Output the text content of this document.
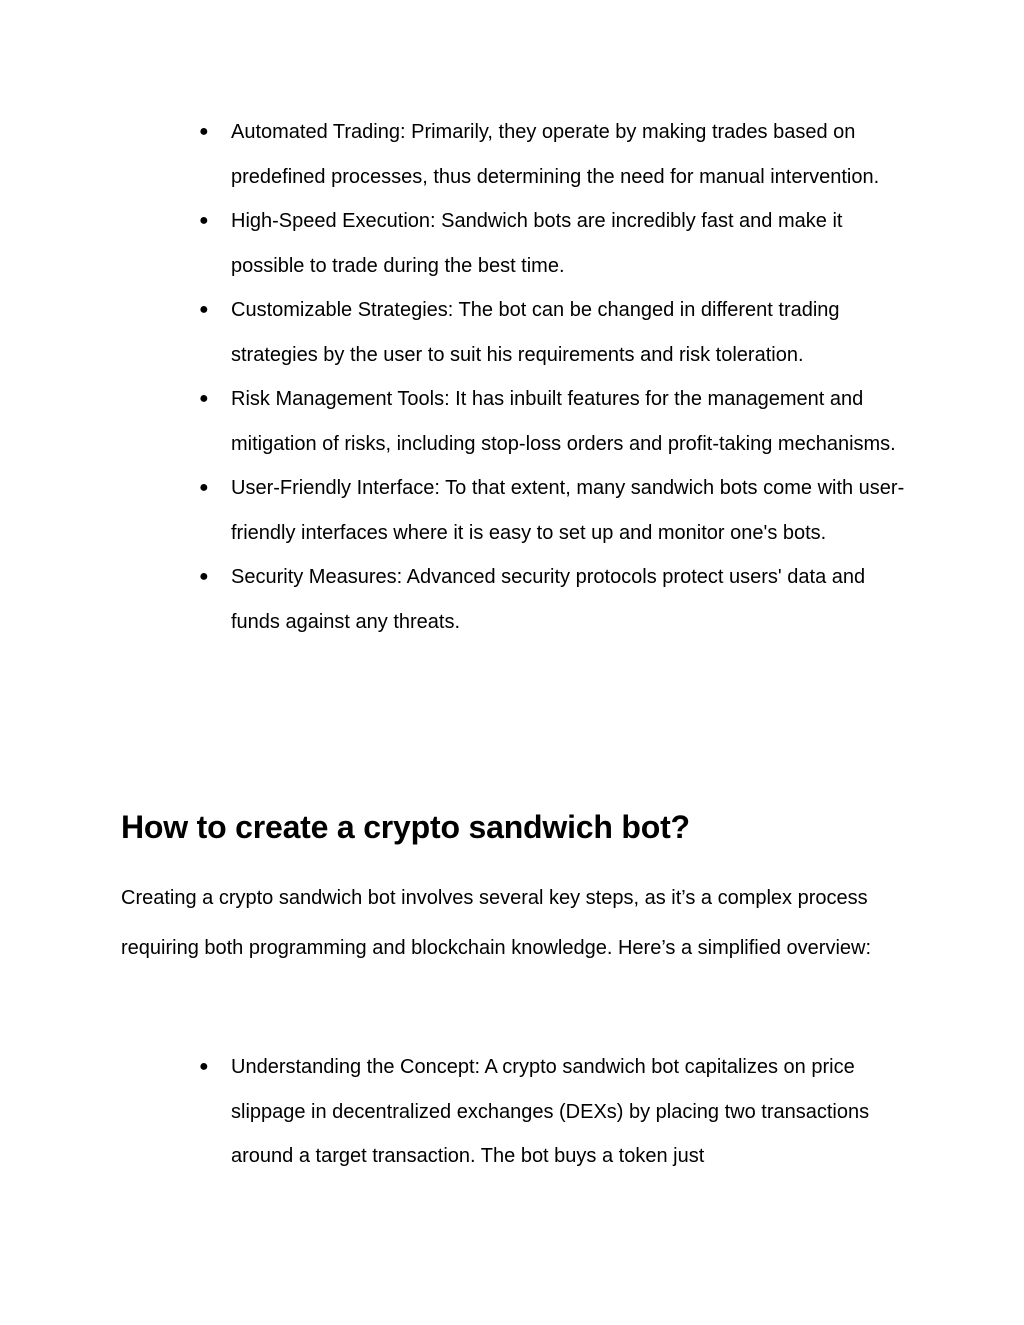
● Automated Trading: Primarily, they operate by making trades based on predefined processes, thus determining the need for manual intervention.
● High-Speed Execution: Sandwich bots are incredibly fast and make it possible to trade during the best time.
● Customizable Strategies: The bot can be changed in different trading strategies by the user to suit his requirements and risk toleration.
● Risk Management Tools: It has inbuilt features for the management and mitigation of risks, including stop-loss orders and profit-taking mechanisms.
● User-Friendly Interface: To that extent, many sandwich bots come with user-friendly interfaces where it is easy to set up and monitor one's bots.
● Security Measures: Advanced security protocols protect users' data and funds against any threats.
How to create a crypto sandwich bot?

Creating a crypto sandwich bot involves several key steps, as it’s a complex process requiring both programming and blockchain knowledge. Here’s a simplified overview:

● Understanding the Concept: A crypto sandwich bot capitalizes on price slippage in decentralized exchanges (DEXs) by placing two transactions around a target transaction. The bot buys a token just
